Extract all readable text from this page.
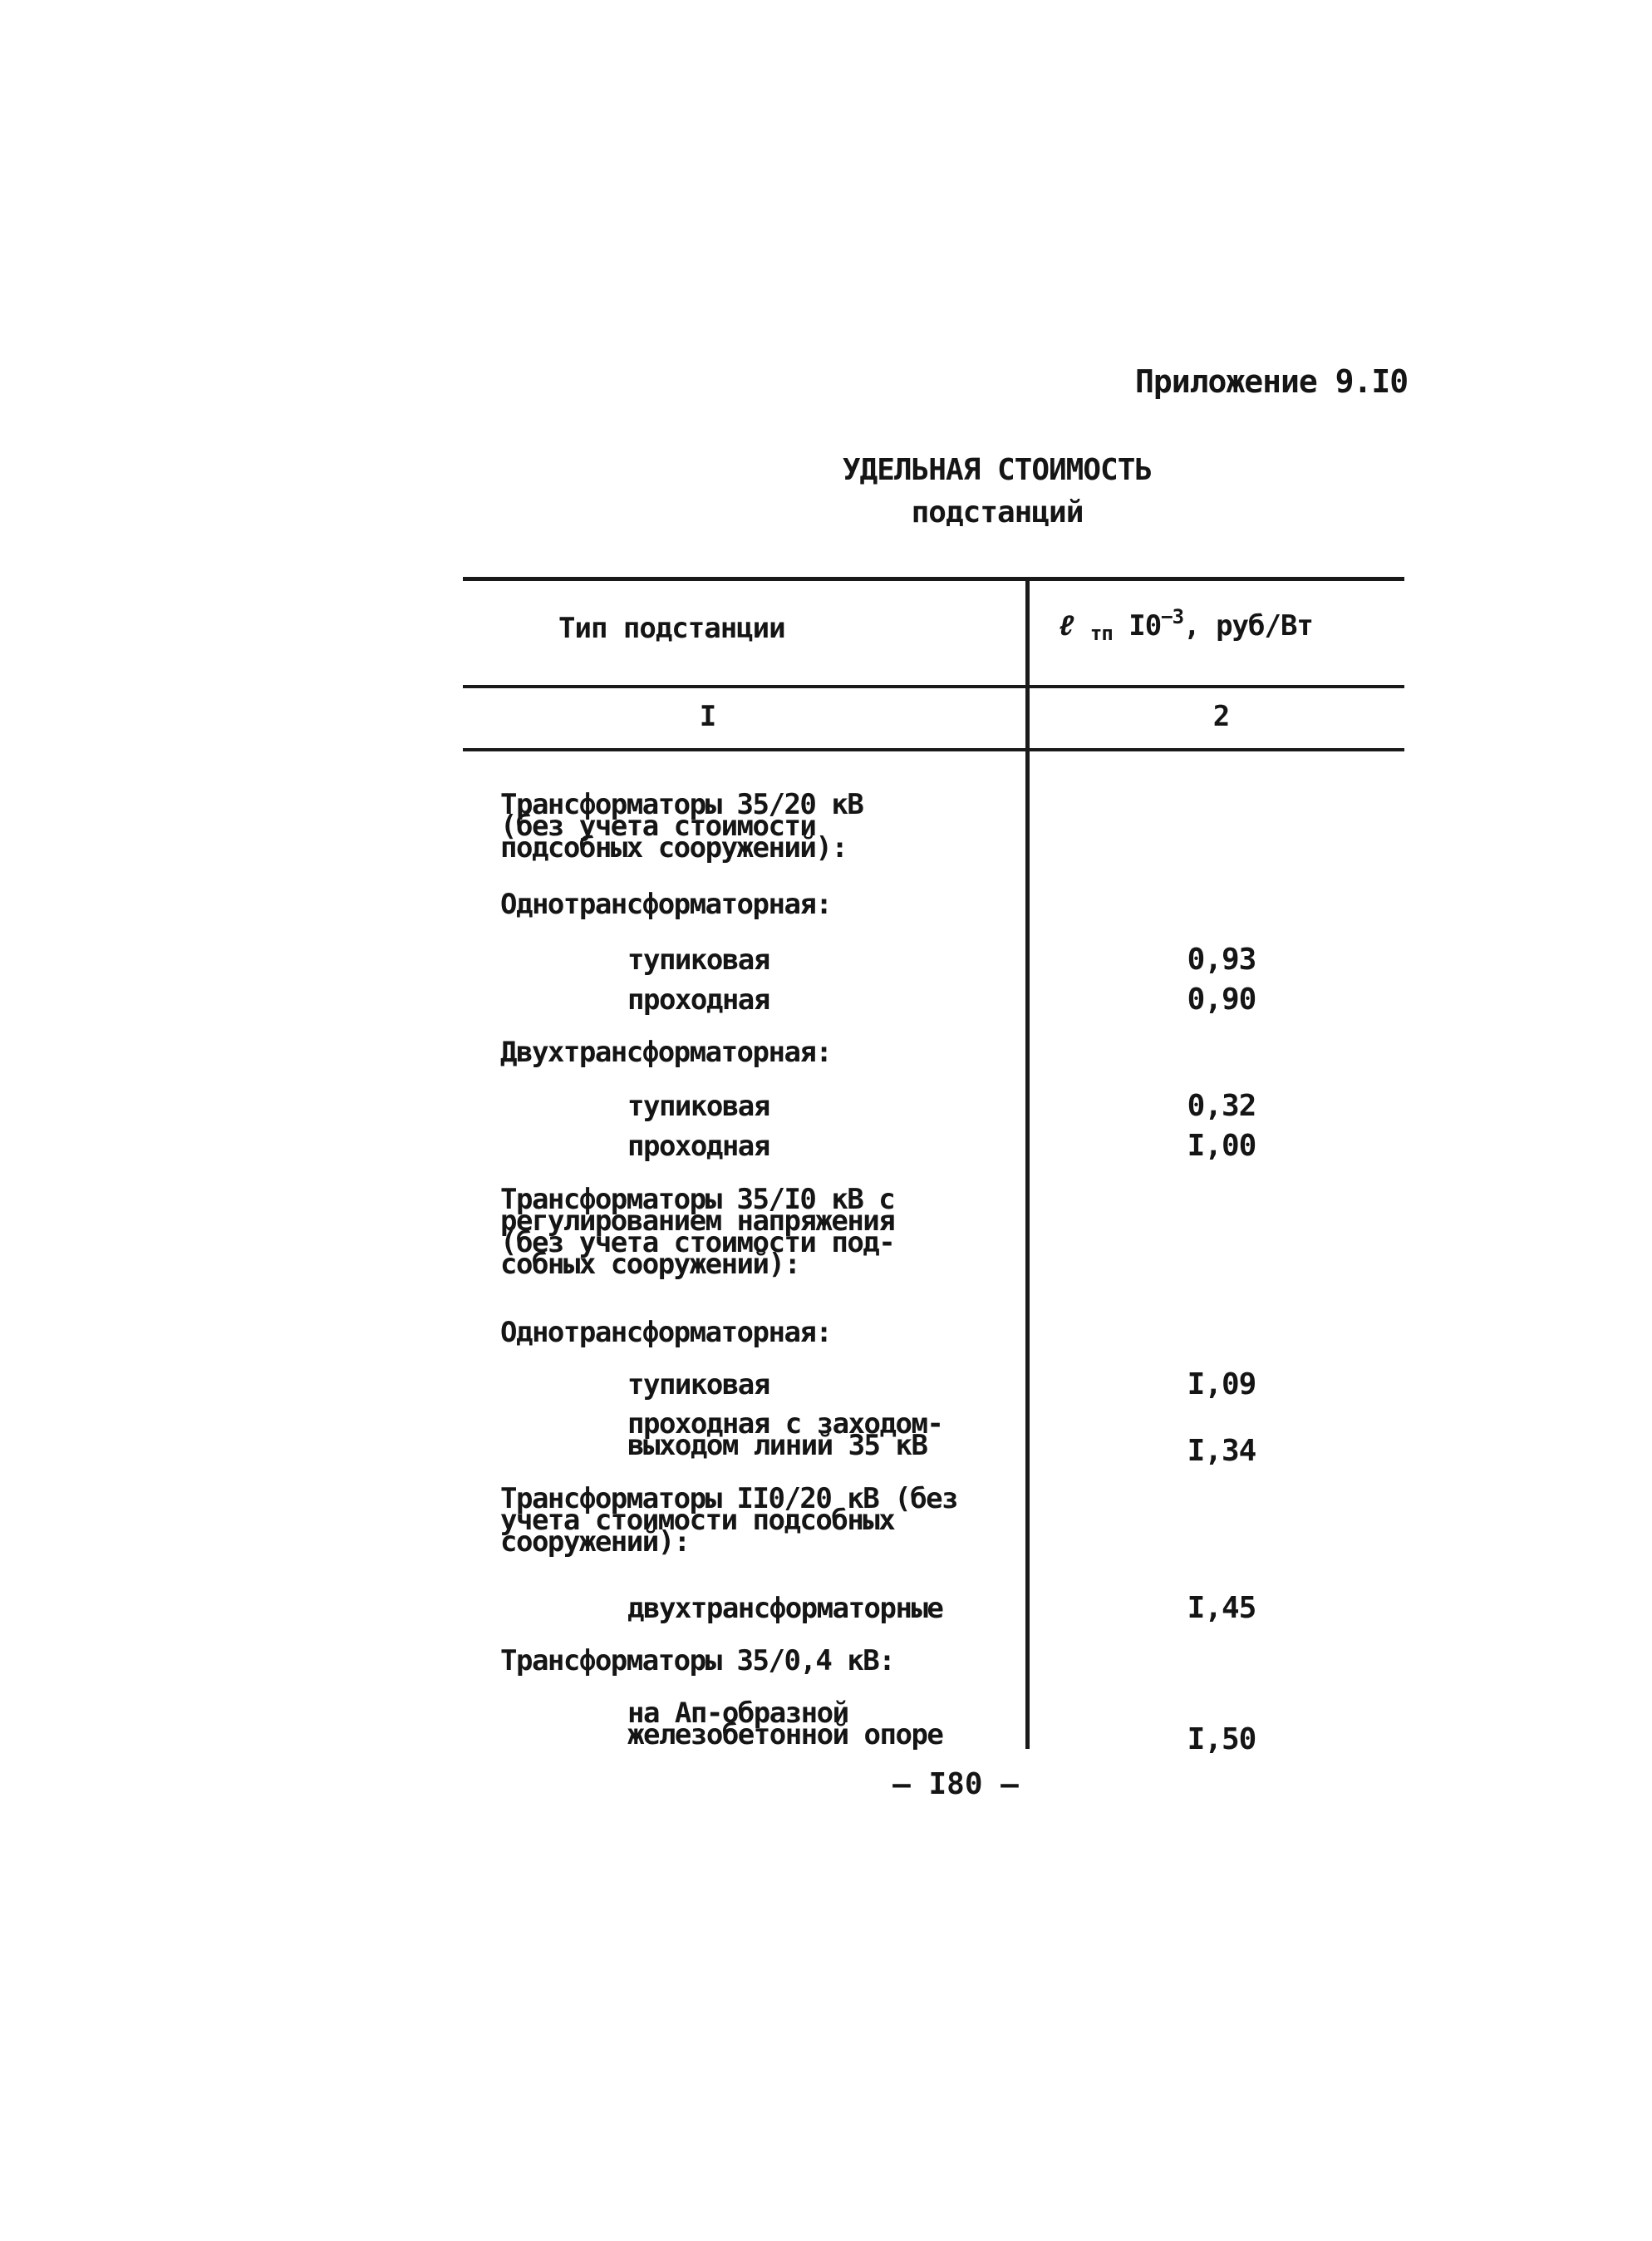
Приложение 9.I0
УДЕЛЬНАЯ СТОИМОСТЬ
подстанций
Тип подстанции	ℓ $_{тп}$ $I0^{-3}$, руб/Вт
I	2
Трансформаторы 35/20 кВ
(без учета стоимости
подсобных сооружений):
Однотрансформаторная:
тупиковая	0,93
проходная	0,90
Двухтрансформаторная:
тупиковая	0,32
проходная	I,00
Трансформаторы 35/I0 кВ с
регулированием напряжения
(без учета стоимости под-
собных сооружений):
Однотрансформаторная:
тупиковая	I,09
проходная с заходом-
выходом линий 35 кВ	I,34
Трансформаторы II0/20 кВ (без
учета стоимости подсобных
сооружений):
двухтрансформаторные	I,45
Трансформаторы 35/0,4 кВ:
на Ап-образной
железобетонной опоре	I,50
– I80 –
